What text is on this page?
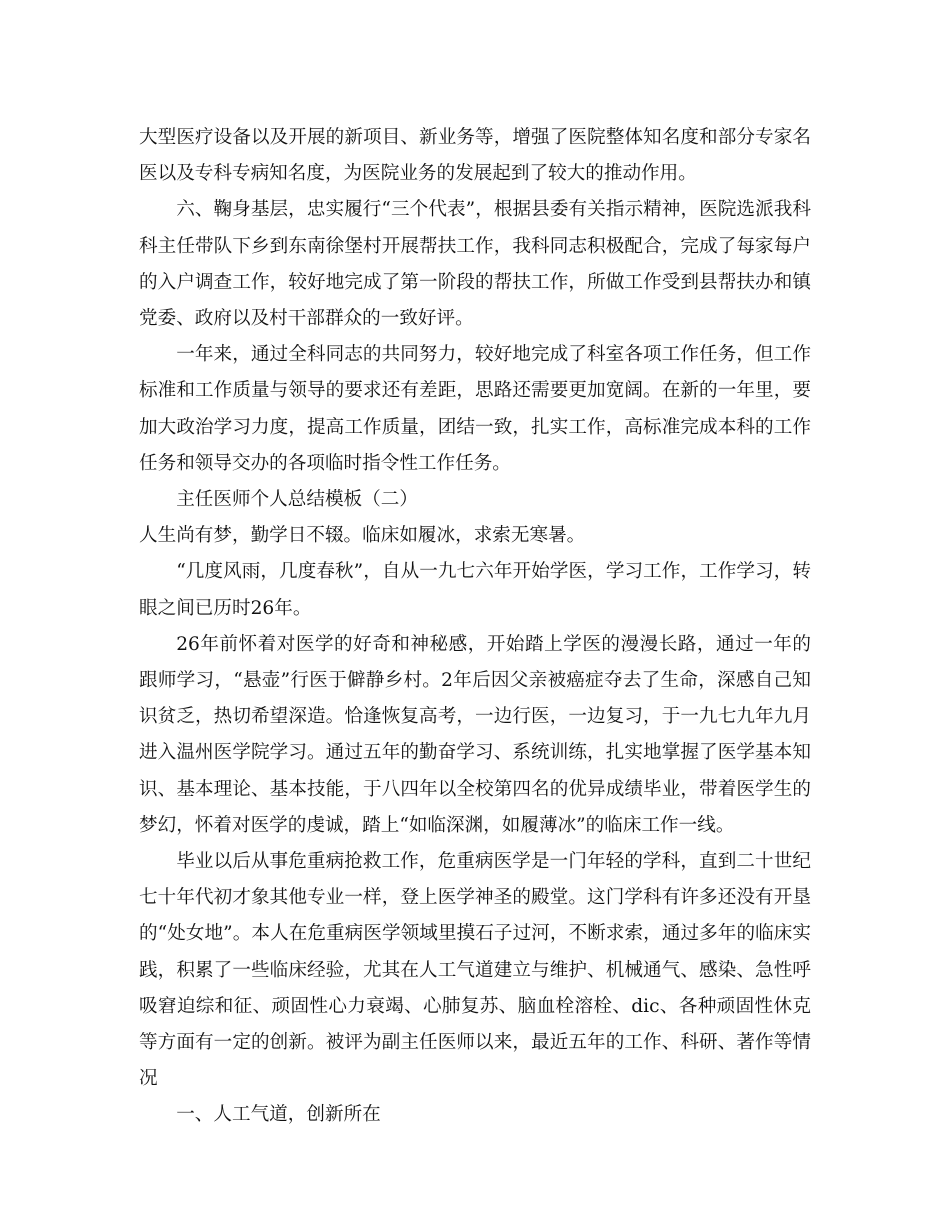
大型医疗设备以及开展的新项目、新业务等，增强了医院整体知名度和部分专家名医以及专科专病知名度，为医院业务的发展起到了较大的推动作用。

六、鞠身基层，忠实履行“三个代表”，根据县委有关指示精神，医院选派我科科主任带队下乡到东南徐堡村开展帮扶工作，我科同志积极配合，完成了每家每户的入户调查工作，较好地完成了第一阶段的帮扶工作，所做工作受到县帮扶办和镇党委、政府以及村干部群众的一致好评。

一年来，通过全科同志的共同努力，较好地完成了科室各项工作任务，但工作标准和工作质量与领导的要求还有差距，思路还需要更加宽阔。在新的一年里，要加大政治学习力度，提高工作质量，团结一致，扎实工作，高标准完成本科的工作任务和领导交办的各项临时指令性工作任务。

主任医师个人总结模板（二）

人生尚有梦，勤学日不辍。临床如履冰，求索无寒暑。

“几度风雨，几度春秋”，自从一九七六年开始学医，学习工作，工作学习，转眼之间已历时26年。

26年前怀着对医学的好奇和神秘感，开始踏上学医的漫漫长路，通过一年的跟师学习，“悬壶”行医于僻静乡村。2年后因父亲被癌症夺去了生命，深感自己知识贫乏，热切希望深造。恰逢恢复高考，一边行医，一边复习，于一九七九年九月进入温州医学院学习。通过五年的勤奋学习、系统训练，扎实地掌握了医学基本知识、基本理论、基本技能，于八四年以全校第四名的优异成绩毕业，带着医学生的梦幻，怀着对医学的虔诚，踏上“如临深渊，如履薄冰”的临床工作一线。

毕业以后从事危重病抢救工作，危重病医学是一门年轻的学科，直到二十世纪七十年代初才象其他专业一样，登上医学神圣的殿堂。这门学科有许多还没有开垦的“处女地”。本人在危重病医学领域里摸石子过河，不断求索，通过多年的临床实践，积累了一些临床经验，尤其在人工气道建立与维护、机械通气、感染、急性呼吸窘迫综和征、顽固性心力衰竭、心肺复苏、脑血栓溶栓、dic、各种顽固性休克等方面有一定的创新。被评为副主任医师以来，最近五年的工作、科研、著作等情况

一、人工气道，创新所在
